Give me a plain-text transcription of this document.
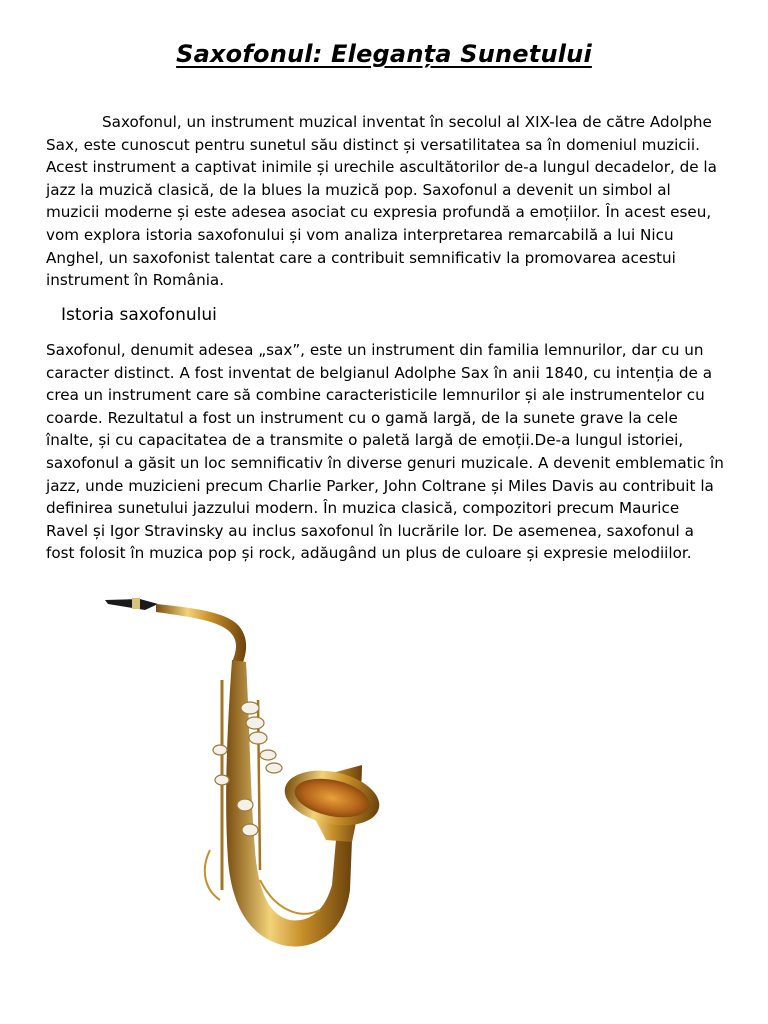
Saxofonul: Eleganța Sunetului

Saxofonul, un instrument muzical inventat în secolul al XIX-lea de către Adolphe Sax, este cunoscut pentru sunetul său distinct și versatilitatea sa în domeniul muzicii. Acest instrument a captivat inimile și urechile ascultătorilor de-a lungul decadelor, de la jazz la muzică clasică, de la blues la muzică pop. Saxofonul a devenit un simbol al muzicii moderne și este adesea asociat cu expresia profundă a emoțiilor. În acest eseu, vom explora istoria saxofonului și vom analiza interpretarea remarcabilă a lui Nicu Anghel, un saxofonist talentat care a contribuit semnificativ la promovarea acestui instrument în România.

Istoria saxofonului

Saxofonul, denumit adesea „sax”, este un instrument din familia lemnurilor, dar cu un caracter distinct. A fost inventat de belgianul Adolphe Sax în anii 1840, cu intenția de a crea un instrument care să combine caracteristicile lemnurilor și ale instrumentelor cu coarde. Rezultatul a fost un instrument cu o gamă largă, de la sunete grave la cele înalte, și cu capacitatea de a transmite o paletă largă de emoții.De-a lungul istoriei, saxofonul a găsit un loc semnificativ în diverse genuri muzicale. A devenit emblematic în jazz, unde muzicieni precum Charlie Parker, John Coltrane și Miles Davis au contribuit la definirea sunetului jazzului modern. În muzica clasică, compozitori precum Maurice Ravel și Igor Stravinsky au inclus saxofonul în lucrările lor. De asemenea, saxofonul a fost folosit în muzica pop și rock, adăugând un plus de culoare și expresie melodiilor.
